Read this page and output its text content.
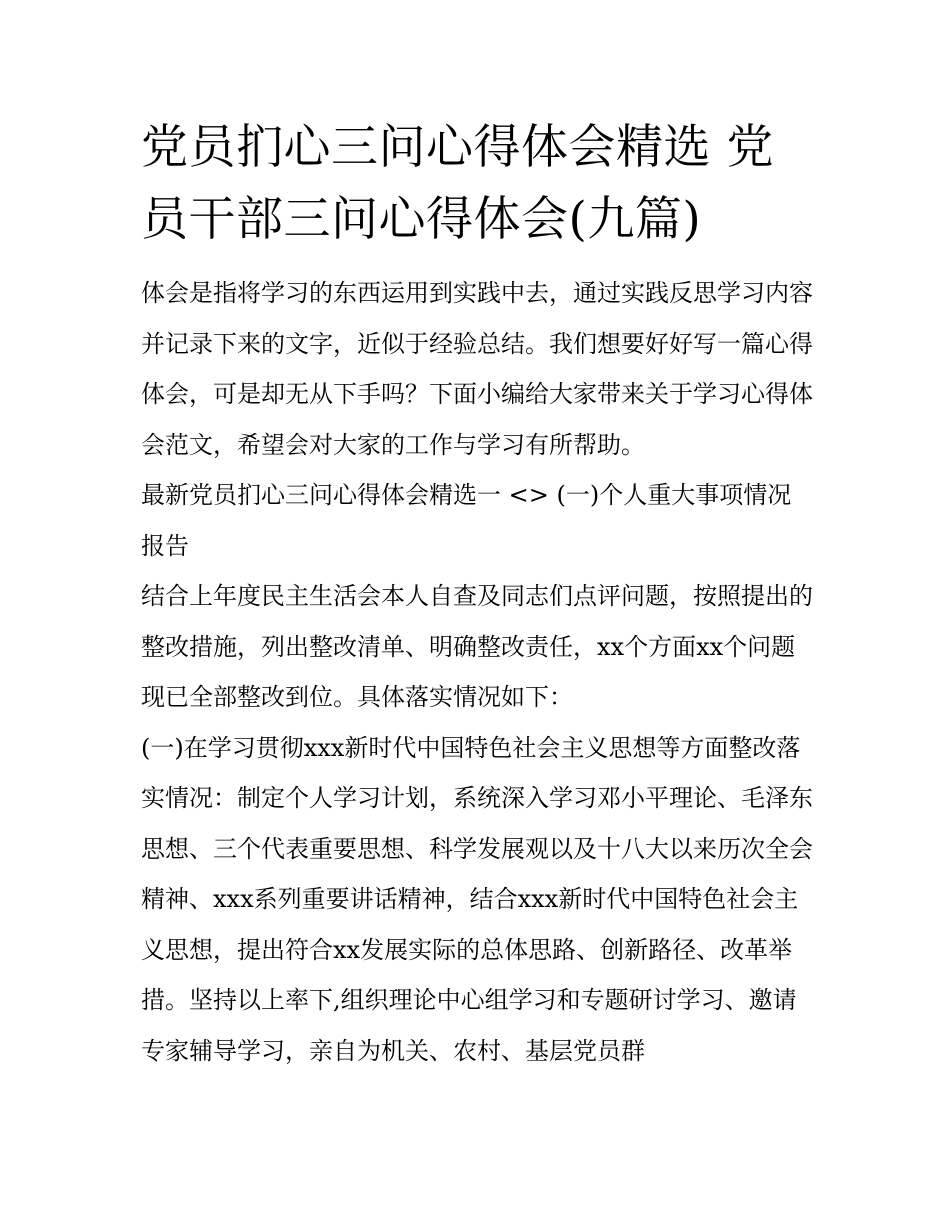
党员扪心三问心得体会精选 党员干部三问心得体会(九篇)

体会是指将学习的东西运用到实践中去，通过实践反思学习内容并记录下来的文字，近似于经验总结。我们想要好好写一篇心得体会，可是却无从下手吗？下面小编给大家带来关于学习心得体会范文，希望会对大家的工作与学习有所帮助。

最新党员扪心三问心得体会精选一 <> (一)个人重大事项情况报告

结合上年度民主生活会本人自查及同志们点评问题，按照提出的整改措施，列出整改清单、明确整改责任，xx个方面xx个问题现已全部整改到位。具体落实情况如下：

(一)在学习贯彻xxx新时代中国特色社会主义思想等方面整改落实情况：制定个人学习计划，系统深入学习邓小平理论、毛泽东思想、三个代表重要思想、科学发展观以及十八大以来历次全会精神、xxx系列重要讲话精神，结合xxx新时代中国特色社会主义思想，提出符合xx发展实际的总体思路、创新路径、改革举措。坚持以上率下,组织理论中心组学习和专题研讨学习、邀请专家辅导学习，亲自为机关、农村、基层党员群
